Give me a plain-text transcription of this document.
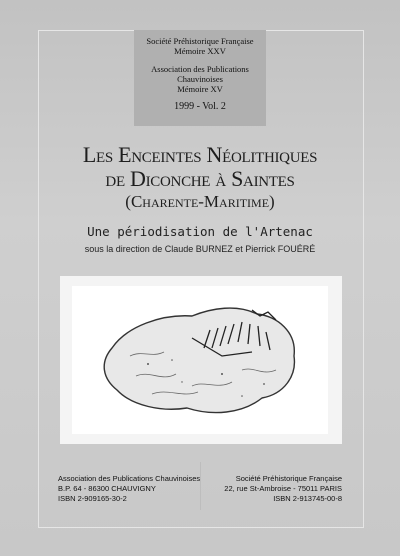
Société Préhistorique Française
Mémoire XXV
Association des Publications
Chauvinoises
Mémoire XV
1999 - Vol. 2
Les Enceintes Néolithiques
de Diconche à Saintes
(Charente-Maritime)
Une périodisation de l'Artenac
sous la direction de Claude BURNEZ et Pierrick FOUÉRÉ
Association des Publications Chauvinoises
B.P. 64 - 86300 CHAUVIGNY
ISBN 2-909165-30-2
Société Préhistorique Française
22, rue St-Ambroise - 75011 PARIS
ISBN 2-913745-00-8
